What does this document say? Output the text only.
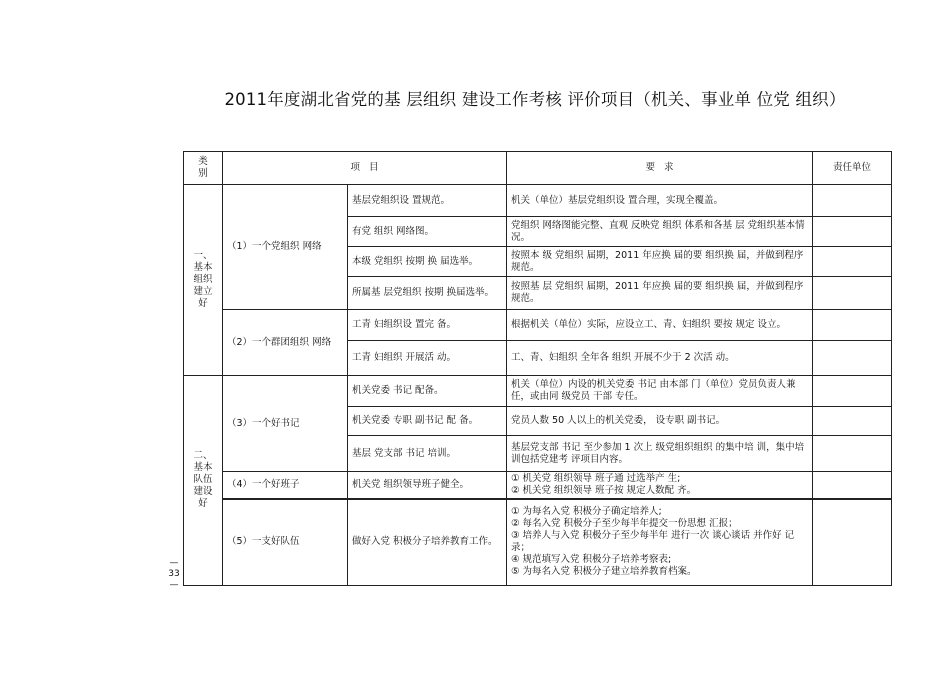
2011年度湖北省党的基 层组织 建设工作考核 评价项目（机关、事业单 位党 组织）
类
别	项   目		要   求	责任单位

一、
基本
组织
建立
好	（1）一个党组织 网络	基层党组织设 置规范。	机关（单位）基层党组织设 置合理，实现全覆盖。	
		有党 组织 网络图。	党组织 网络图能完整、直观 反映党 组织 体系和各基 层 党组织基本情况。	
		本级 党组织 按期 换 届选举。	按照本 级 党组织 届期，2011 年应换 届的要 组织换 届，并做到程序 规范。	
		所属基 层党组织 按期 换届选举。	按照基 层 党组织 届期，2011 年应换 届的要 组织换 届，并做到程序 规范。	
	（2）一个群团组织 网络	工青 妇组织设 置完 备。	根据机关（单位）实际，应设立工、青、妇组织 要按 规定 设立。	
		工青 妇组织 开展活 动。	工、青、妇组织 全年各 组织 开展不少于 2 次活 动。	

二、
基本
队伍
建设
好	（3）一个好书记	机关党委 书记 配备。	机关（单位）内设的机关党委 书记 由本部 门（单位）党员负责人兼任，或由同 级党员 干部 专任。	
		机关党委 专职 副书记 配 备。	党员人数 50 人以上的机关党委， 设专职 副书记。	
		基层 党支部 书记 培训。	基层党支部 书记 至少参加 1 次上 级党组织组织 的集中培 训，集中培 训包括党建考 评项目内容。	
	（4）一个好班子	机关党 组织领导班子健全。	① 机关党 组织领导 班子通 过选举产 生;
② 机关党 组织领导 班子按 规定人数配 齐。	

	（5）一支好队伍	做好入党 积极分子培养教育工作。	① 为每名入党 积极分子确定培养人;
② 每名入党 积极分子至少每半年提交一份思想 汇报；
③ 培养人与入党 积极分子至少每半年 进行一次 谈心谈话 并作好 记录；
④ 规范填写入党 积极分子培养考察表;
⑤ 为每名入党 积极分子建立培养教育档案。	

—
33
—
